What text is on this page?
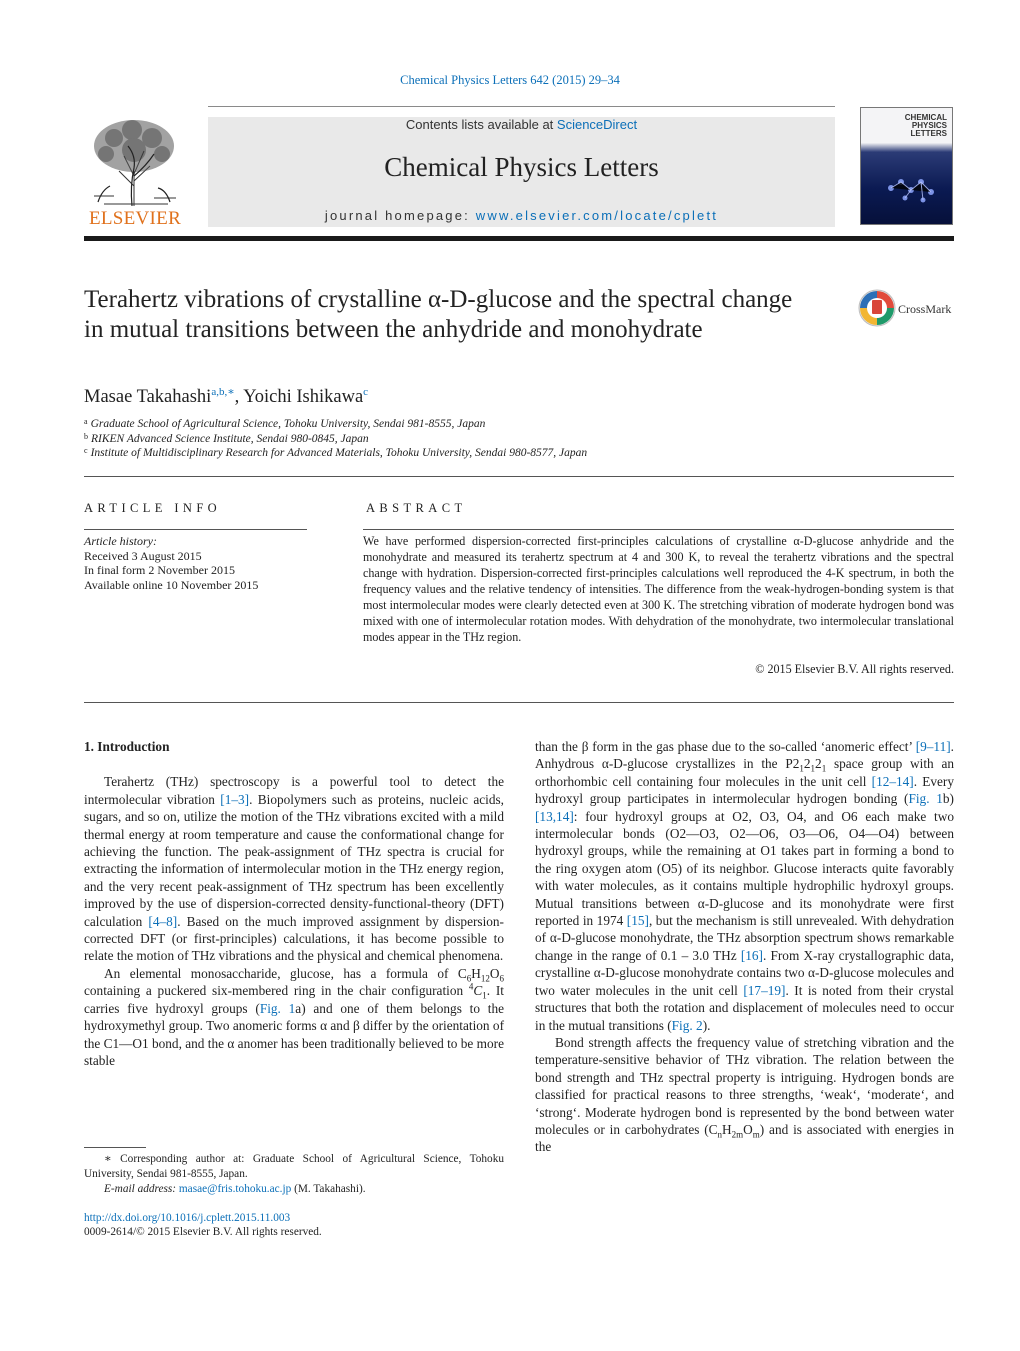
Chemical Physics Letters 642 (2015) 29–34
ELSEVIER
Contents lists available at ScienceDirect
Chemical Physics Letters
journal homepage: www.elsevier.com/locate/cplett
CHEMICAL
PHYSICS
LETTERS
Terahertz vibrations of crystalline α-D-glucose and the spectral change in mutual transitions between the anhydride and monohydrate
CrossMark
Masae Takahashi$^{a,b,∗}$, Yoichi Ishikawa$^c$
$^a$ Graduate School of Agricultural Science, Tohoku University, Sendai 981-8555, Japan
$^b$ RIKEN Advanced Science Institute, Sendai 980-0845, Japan
$^c$ Institute of Multidisciplinary Research for Advanced Materials, Tohoku University, Sendai 980-8577, Japan
ARTICLE INFO	ABSTRACT
Article history:
Received 3 August 2015
In final form 2 November 2015
Available online 10 November 2015
We have performed dispersion-corrected first-principles calculations of crystalline α-D-glucose anhydride and the monohydrate and measured its terahertz spectrum at 4 and 300 K, to reveal the terahertz vibrations and the spectral change with hydration. Dispersion-corrected first-principles calculations well reproduced the 4-K spectrum, in both the frequency values and the relative tendency of intensities. The difference from the weak-hydrogen-bonding system is that most intermolecular modes were clearly detected even at 300 K. The stretching vibration of moderate hydrogen bond was mixed with one of intermolecular rotation modes. With dehydration of the monohydrate, two intermolecular translational modes appear in the THz region.
© 2015 Elsevier B.V. All rights reserved.
1. Introduction

Terahertz (THz) spectroscopy is a powerful tool to detect the intermolecular vibration [1–3]. Biopolymers such as proteins, nucleic acids, sugars, and so on, utilize the motion of the THz vibrations excited with a mild thermal energy at room temperature and cause the conformational change for achieving the function. The peak-assignment of THz spectra is crucial for extracting the information of intermolecular motion in the THz energy region, and the very recent peak-assignment of THz spectrum has been excellently improved by the use of dispersion-corrected density-functional-theory (DFT) calculation [4–8]. Based on the much improved assignment by dispersion-corrected DFT (or first-principles) calculations, it has become possible to relate the motion of THz vibrations and the physical and chemical phenomena.

An elemental monosaccharide, glucose, has a formula of $C_6H_{12}O_6$ containing a puckered six-membered ring in the chair configuration $^4C_1$. It carries five hydroxyl groups (Fig. 1a) and one of them belongs to the hydroxymethyl group. Two anomeric forms α and β differ by the orientation of the C1—O1 bond, and the α anomer has been traditionally believed to be more stable

than the β form in the gas phase due to the so-called ‘anomeric effect’ [9–11]. Anhydrous α-D-glucose crystallizes in the $P2_12_12_1$ space group with an orthorhombic cell containing four molecules in the unit cell [12–14]. Every hydroxyl group participates in intermolecular hydrogen bonding (Fig. 1b) [13,14]: four hydroxyl groups at O2, O3, O4, and O6 each make two intermolecular bonds (O2—O3, O2—O6, O3—O6, O4—O4) between hydroxyl groups, while the remaining at O1 takes part in forming a bond to the ring oxygen atom (O5) of its neighbor. Glucose interacts quite favorably with water molecules, as it contains multiple hydrophilic hydroxyl groups. Mutual transitions between α-D-glucose and its monohydrate were first reported in 1974 [15], but the mechanism is still unrevealed. With dehydration of α-D-glucose monohydrate, the THz absorption spectrum shows remarkable change in the range of 0.1 – 3.0 THz [16]. From X-ray crystallographic data, crystalline α-D-glucose monohydrate contains two α-D-glucose molecules and two water molecules in the unit cell [17–19]. It is noted from their crystal structures that both the rotation and displacement of molecules need to occur in the mutual transitions (Fig. 2).

Bond strength affects the frequency value of stretching vibration and the temperature-sensitive behavior of THz vibration. The relation between the bond strength and THz spectral property is intriguing. Hydrogen bonds are classified for practical reasons to three strengths, ‘weak‘, ‘moderate‘, and ‘strong‘. Moderate hydrogen bond is represented by the bond between water molecules or in carbohydrates $(C_nH_{2m}O_m)$ and is associated with energies in the

∗ Corresponding author at: Graduate School of Agricultural Science, Tohoku University, Sendai 981-8555, Japan.
E-mail address: masae@fris.tohoku.ac.jp (M. Takahashi).
http://dx.doi.org/10.1016/j.cplett.2015.11.003
0009-2614/© 2015 Elsevier B.V. All rights reserved.
